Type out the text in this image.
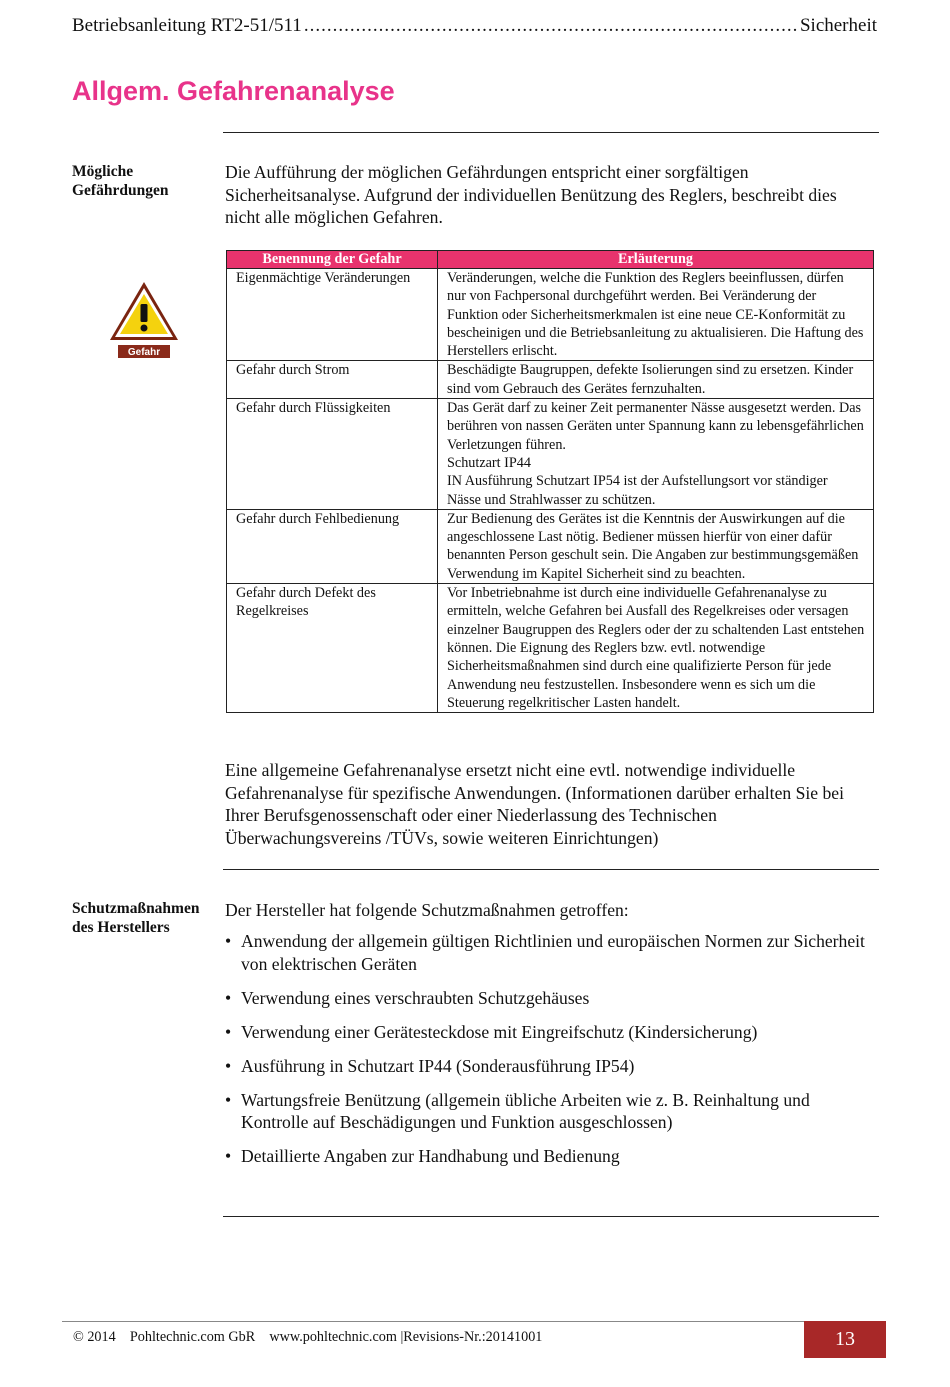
Betriebsanleitung RT2-51/511 .....	Sicherheit
Allgem. Gefahrenanalyse
Mögliche Gefährdungen

Die Aufführung der möglichen Gefährdungen entspricht einer sorgfältigen Sicherheitsanalyse. Aufgrund der individuellen Benützung des Reglers, beschreibt dies nicht alle möglichen Gefahren.

Gefahr
Benennung der Gefahr	Erläuterung
Eigenmächtige Veränderungen	Veränderungen, welche die Funktion des Reglers beeinflussen, dürfen nur von Fachpersonal durchgeführt werden. Bei Veränderung der Funktion oder Sicherheitsmerkmalen ist eine neue CE-Konformität zu bescheinigen und die Betriebsanleitung zu aktualisieren. Die Haftung des Herstellers erlischt.
Gefahr durch Strom	Beschädigte Baugruppen, defekte Isolierungen sind zu ersetzen. Kinder sind vom Gebrauch des Gerätes fernzuhalten.
Gefahr durch Flüssigkeiten	Das Gerät darf zu keiner Zeit permanenter Nässe ausgesetzt werden. Das berühren von nassen Geräten unter Spannung kann zu lebensgefährlichen Verletzungen führen.
Schutzart IP44
IN Ausführung Schutzart IP54 ist der Aufstellungsort vor ständiger Nässe und Strahlwasser zu schützen.

Gefahr durch Fehlbedienung	Zur Bedienung des Gerätes ist die Kenntnis der Auswirkungen auf die angeschlossene Last nötig. Bediener müssen hierfür von einer dafür benannten Person geschult sein. Die Angaben zur bestimmungsgemäßen Verwendung im Kapitel Sicherheit sind zu beachten.
Gefahr durch Defekt des Regelkreises	Vor Inbetriebnahme ist durch eine individuelle Gefahrenanalyse zu ermitteln, welche Gefahren bei Ausfall des Regelkreises oder versagen einzelner Baugruppen des Reglers oder der zu schaltenden Last entstehen können. Die Eignung des Reglers bzw. evtl. notwendige Sicherheitsmaßnahmen sind durch eine qualifizierte Person für jede Anwendung neu festzustellen. Insbesondere wenn es sich um die Steuerung regelkritischer Lasten handelt.

Eine allgemeine Gefahrenanalyse ersetzt nicht eine evtl. notwendige individuelle Gefahrenanalyse für spezifische Anwendungen. (Informationen darüber erhalten Sie bei Ihrer Berufsgenossenschaft oder einer Niederlassung des Technischen Überwachungsvereins /TÜVs, sowie weiteren Einrichtungen)

Schutzmaßnahmen des Herstellers

Der Hersteller hat folgende Schutzmaßnahmen getroffen:

• Anwendung der allgemein gültigen Richtlinien und europäischen Normen zur Sicherheit von elektrischen Geräten
• Verwendung eines verschraubten Schutzgehäuses
• Verwendung einer Gerätesteckdose mit Eingreifschutz (Kindersicherung)
• Ausführung in Schutzart IP44 (Sonderausführung IP54)
• Wartungsfreie Benützung (allgemein übliche Arbeiten wie z. B. Reinhaltung und Kontrolle auf Beschädigungen und Funktion ausgeschlossen)
• Detaillierte Angaben zur Handhabung und Bedienung
© 2014    Pohltechnic.com GbR    www.pohltechnic.com |Revisions-Nr.:20141001	13
